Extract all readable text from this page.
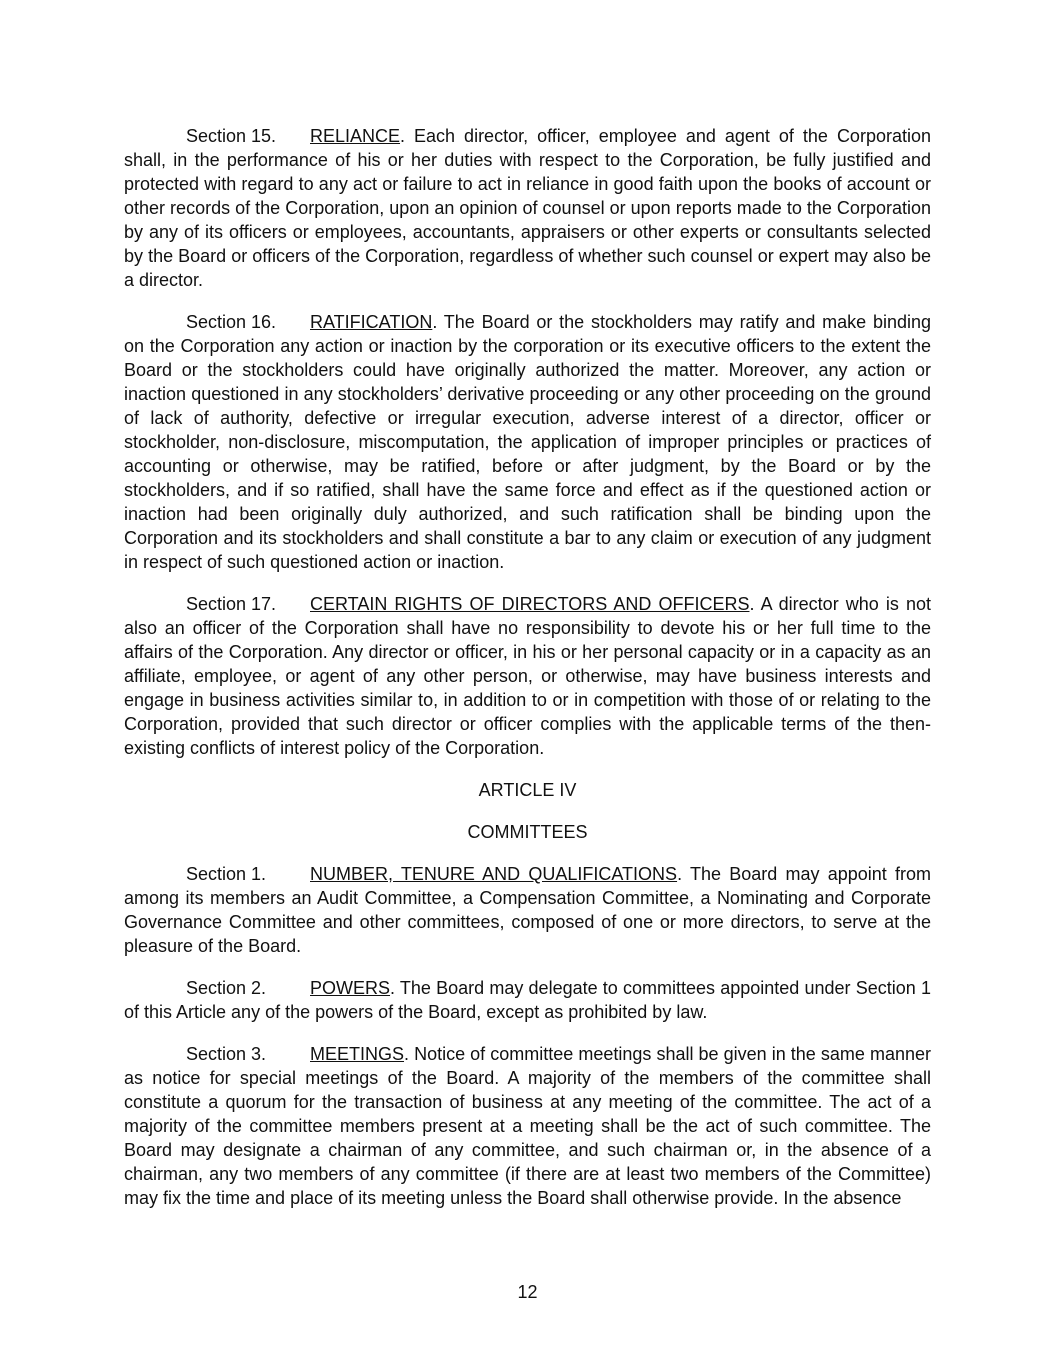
Section 15. RELIANCE. Each director, officer, employee and agent of the Corporation shall, in the performance of his or her duties with respect to the Corporation, be fully justified and protected with regard to any act or failure to act in reliance in good faith upon the books of account or other records of the Corporation, upon an opinion of counsel or upon reports made to the Corporation by any of its officers or employees, accountants, appraisers or other experts or consultants selected by the Board or officers of the Corporation, regardless of whether such counsel or expert may also be a director.

Section 16. RATIFICATION. The Board or the stockholders may ratify and make binding on the Corporation any action or inaction by the corporation or its executive officers to the extent the Board or the stockholders could have originally authorized the matter. Moreover, any action or inaction questioned in any stockholders’ derivative proceeding or any other proceeding on the ground of lack of authority, defective or irregular execution, adverse interest of a director, officer or stockholder, non-disclosure, miscomputation, the application of improper principles or practices of accounting or otherwise, may be ratified, before or after judgment, by the Board or by the stockholders, and if so ratified, shall have the same force and effect as if the questioned action or inaction had been originally duly authorized, and such ratification shall be binding upon the Corporation and its stockholders and shall constitute a bar to any claim or execution of any judgment in respect of such questioned action or inaction.

Section 17. CERTAIN RIGHTS OF DIRECTORS AND OFFICERS. A director who is not also an officer of the Corporation shall have no responsibility to devote his or her full time to the affairs of the Corporation. Any director or officer, in his or her personal capacity or in a capacity as an affiliate, employee, or agent of any other person, or otherwise, may have business interests and engage in business activities similar to, in addition to or in competition with those of or relating to the Corporation, provided that such director or officer complies with the applicable terms of the then-existing conflicts of interest policy of the Corporation.

ARTICLE IV

COMMITTEES

Section 1. NUMBER, TENURE AND QUALIFICATIONS. The Board may appoint from among its members an Audit Committee, a Compensation Committee, a Nominating and Corporate Governance Committee and other committees, composed of one or more directors, to serve at the pleasure of the Board.

Section 2. POWERS. The Board may delegate to committees appointed under Section 1 of this Article any of the powers of the Board, except as prohibited by law.

Section 3. MEETINGS. Notice of committee meetings shall be given in the same manner as notice for special meetings of the Board. A majority of the members of the committee shall constitute a quorum for the transaction of business at any meeting of the committee. The act of a majority of the committee members present at a meeting shall be the act of such committee. The Board may designate a chairman of any committee, and such chairman or, in the absence of a chairman, any two members of any committee (if there are at least two members of the Committee) may fix the time and place of its meeting unless the Board shall otherwise provide. In the absence

12
